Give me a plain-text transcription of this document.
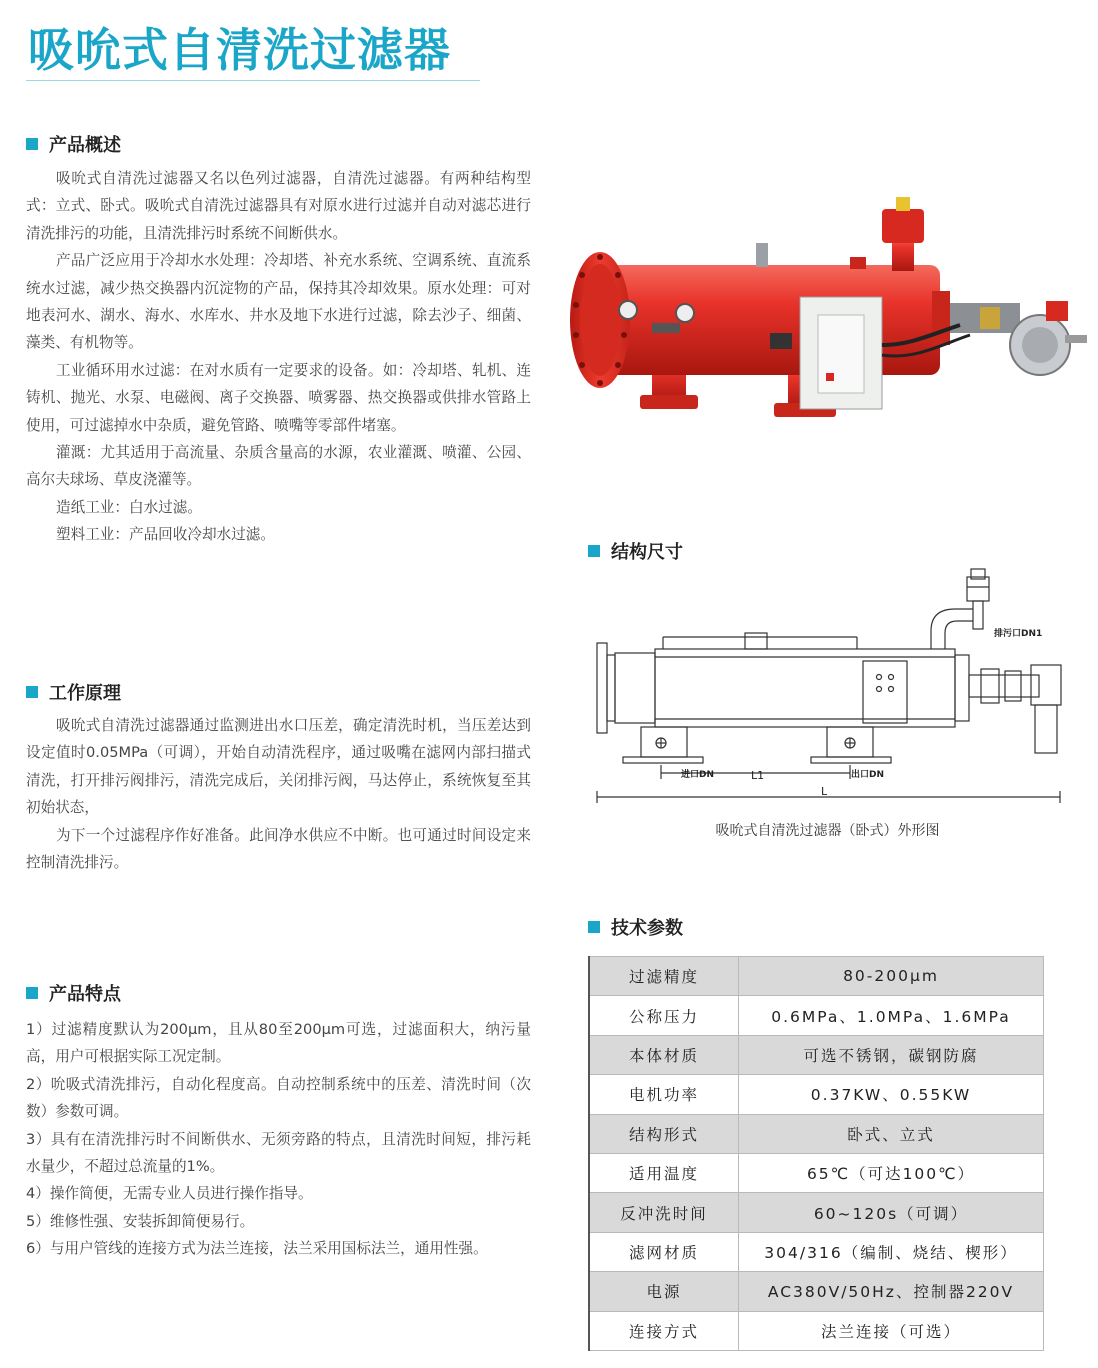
吸吮式自清洗过滤器
产品概述

吸吮式自清洗过滤器又名以色列过滤器，自清洗过滤器。有两种结构型式：立式、卧式。吸吮式自清洗过滤器具有对原水进行过滤并自动对滤芯进行清洗排污的功能，且清洗排污时系统不间断供水。

产品广泛应用于冷却水水处理：冷却塔、补充水系统、空调系统、直流系统水过滤，减少热交换器内沉淀物的产品，保持其冷却效果。原水处理：可对地表河水、湖水、海水、水库水、井水及地下水进行过滤，除去沙子、细菌、藻类、有机物等。

工业循环用水过滤：在对水质有一定要求的设备。如：冷却塔、轧机、连铸机、抛光、水泵、电磁阀、离子交换器、喷雾器、热交换器或供排水管路上使用，可过滤掉水中杂质，避免管路、喷嘴等零部件堵塞。

灌溉：尤其适用于高流量、杂质含量高的水源，农业灌溉、喷灌、公园、高尔夫球场、草皮浇灌等。

造纸工业：白水过滤。

塑料工业：产品回收冷却水过滤。

工作原理

吸吮式自清洗过滤器通过监测进出水口压差，确定清洗时机，当压差达到设定值时0.05MPa（可调），开始自动清洗程序，通过吸嘴在滤网内部扫描式清洗，打开排污阀排污，清洗完成后，关闭排污阀，马达停止，系统恢复至其初始状态，

为下一个过滤程序作好准备。此间净水供应不中断。也可通过时间设定来控制清洗排污。

产品特点

1）过滤精度默认为200μm，且从80至200μm可选，过滤面积大，纳污量高，用户可根据实际工况定制。

2）吮吸式清洗排污，自动化程度高。自动控制系统中的压差、清洗时间（次数）参数可调。

3）具有在清洗排污时不间断供水、无须旁路的特点，且清洗时间短，排污耗水量少，不超过总流量的1%。

4）操作简便，无需专业人员进行操作指导。

5）维修性强、安装拆卸简便易行。

6）与用户管线的连接方式为法兰连接，法兰采用国标法兰，通用性强。

结构尺寸
进口DN	出口DN
排污口DN1
L1
L
吸吮式自清洗过滤器（卧式）外形图
技术参数
过滤精度	80-200μm
公称压力	0.6MPa、1.0MPa、1.6MPa
本体材质	可选不锈钢，碳钢防腐
电机功率	0.37KW、0.55KW
结构形式	卧式、立式
适用温度	65℃（可达100℃）
反冲洗时间	60~120s（可调）
滤网材质	304/316（编制、烧结、楔形）
电源	AC380V/50Hz、控制器220V
连接方式	法兰连接（可选）
